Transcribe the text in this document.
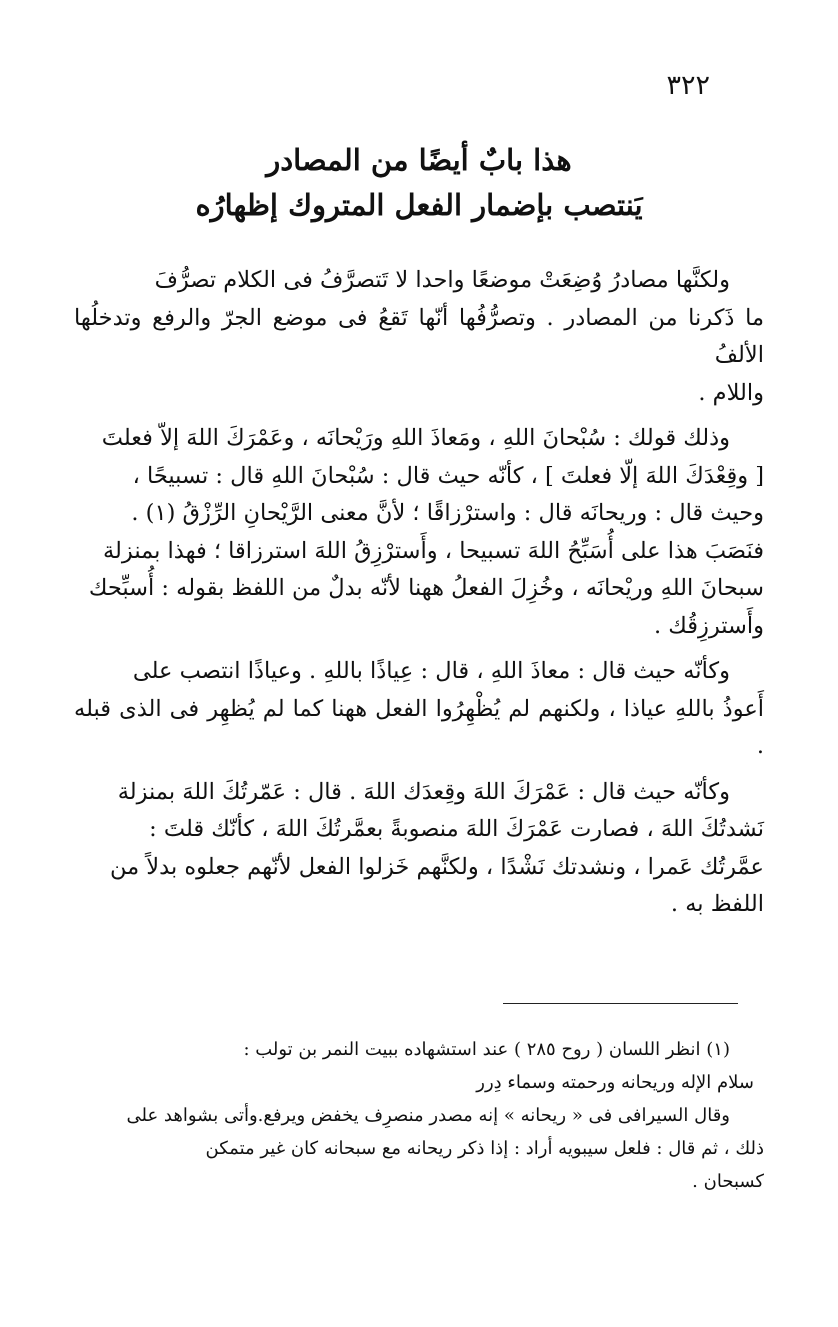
٣٢٢
هذا بابٌ أيضًا من المصادر
يَنتصب بإضمار الفعل المتروك إظهارُه

ولكنَّها مصادرُ وُضِعَتْ موضعًا واحدا لا تَتصرَّفُ فى الكلام تصرُّفَ
ما ذَكرنا من المصادر . وتصرُّفُها أنّها تَقعُ فى موضع الجرّ والرفع وتدخلُها الألفُ
واللام .

وذلك قولك : سُبْحانَ اللهِ ، ومَعاذَ اللهِ ورَيْحانَه ، وعَمْرَكَ اللهَ إلاّ فعلتَ
[ وقِعْدَكَ اللهَ إلّا فعلتَ ] ، كأنّه حيث قال : سُبْحانَ اللهِ قال : تسبيحًا ،
وحيث قال : وريحانَه قال : واسترْزاقًا ؛ لأنَّ معنى الرَّيْحانِ الرِّزْقُ (١) .
فنَصَبَ هذا على أُسَبِّحُ اللهَ تسبيحا ، وأَسترْزِقُ اللهَ استرزاقا ؛ فهذا بمنزلة
سبحانَ اللهِ وريْحانَه ، وخُزِلَ الفعلُ ههنا لأنّه بدلٌ من اللفظ بقوله : أُسبِّحك
وأَسترزِقُك .

وكأنّه حيث قال : معاذَ اللهِ ، قال : عِياذًا باللهِ . وعياذًا انتصب على
أَعوذُ باللهِ عياذا ، ولكنهم لم يُظْهِرُوا الفعل ههنا كما لم يُظهِر فى الذى قبله .

وكأنّه حيث قال : عَمْرَكَ اللهَ وقِعدَك اللهَ . قال : عَمّرتُكَ اللهَ بمنزلة
نَشدتُكَ اللهَ ، فصارت عَمْرَكَ اللهَ منصوبةً بعمَّرتُكَ اللهَ ، كأنّك قلتَ :
عمَّرتُك عَمرا ، ونشدتك نَشْدًا ، ولكنَّهم خَزلوا الفعل لأنّهم جعلوه بدلاً من
اللفظ به .

(١) انظر اللسان ( روح ٢٨٥ ) عند استشهاده ببيت النمر بن تولب :
سلام الإله وريحانه ورحمته وسماء دِرر
وقال السيرافى فى « ريحانه » إنه مصدر منصرِف يخفض ويرفع.وأتى بشواهد على
ذلك ، ثم قال : فلعل سيبويه أراد : إذا ذكر ريحانه مع سبحانه كان غير متمكن
كسبحان .
